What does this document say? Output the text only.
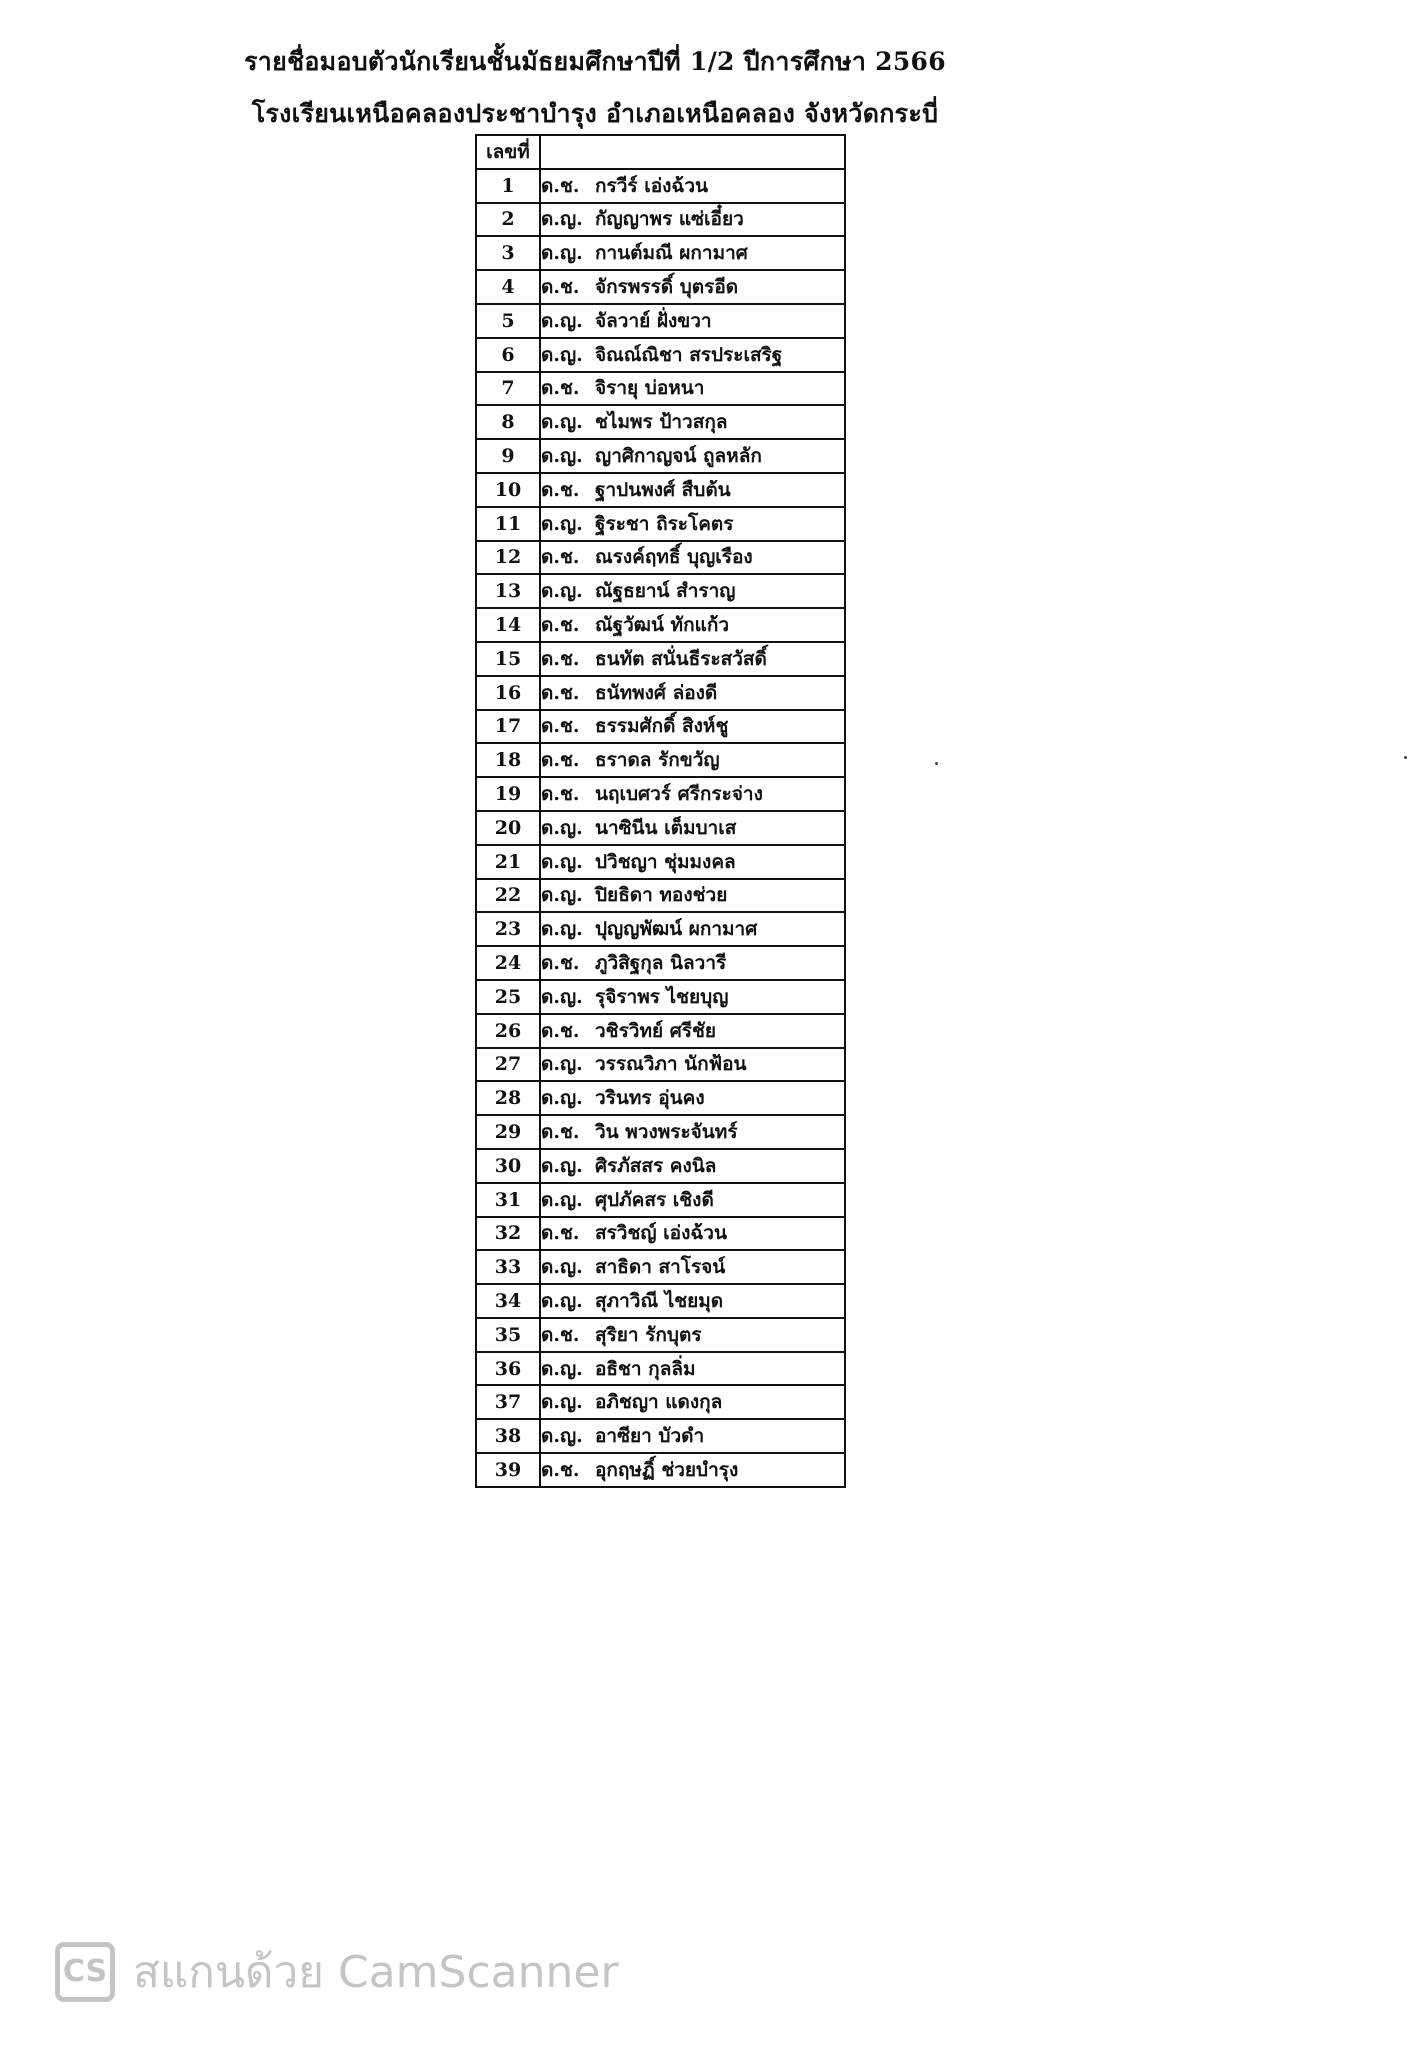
รายชื่อมอบตัวนักเรียนชั้นมัธยมศึกษาปีที่ 1/2 ปีการศึกษา 2566
โรงเรียนเหนือคลองประชาบำรุง อำเภอเหนือคลอง จังหวัดกระบี่
เลขที่	
1	ด.ช. กรวีร์ เอ่งฉ้วน
2	ด.ญ. กัญญาพร แซ่เอี๋ยว
3	ด.ญ. กานต์มณี ผกามาศ
4	ด.ช. จักรพรรดิ์ บุตรอีด
5	ด.ญ. จัลวาย์ ฝั่งขวา
6	ด.ญ. จิณณ์ณิชา สรประเสริฐ
7	ด.ช. จิรายุ บ่อหนา
8	ด.ญ. ชไมพร ป้าวสกุล
9	ด.ญ. ญาศิกาญจน์ ถูลหลัก
10	ด.ช. ฐาปนพงศ์ สืบต้น
11	ด.ญ. ฐิระชา ถิระโคตร
12	ด.ช. ณรงค์ฤทธิ์ บุญเรือง
13	ด.ญ. ณัฐธยาน์ สำราญ
14	ด.ช. ณัฐวัฒน์ ทักแก้ว
15	ด.ช. ธนทัต สนั่นธีระสวัสดิ์
16	ด.ช. ธนัทพงศ์ ล่องดี
17	ด.ช. ธรรมศักดิ์ สิงห์ชู
18	ด.ช. ธราดล รักขวัญ
19	ด.ช. นฤเบศวร์ ศรีกระจ่าง
20	ด.ญ. นาซินีน เต็มบาเส
21	ด.ญ. ปวิชญา ชุ่มมงคล
22	ด.ญ. ปิยธิดา ทองช่วย
23	ด.ญ. ปุญญพัฒน์ ผกามาศ
24	ด.ช. ภูวิสิฐกุล นิลวารี
25	ด.ญ. รุจิราพร ไชยบุญ
26	ด.ช. วชิรวิทย์ ศรีชัย
27	ด.ญ. วรรณวิภา นักฟ้อน
28	ด.ญ. วรินทร อุ่นคง
29	ด.ช. วิน พวงพระจันทร์
30	ด.ญ. ศิรภัสสร คงนิล
31	ด.ญ. ศุปภัคสร เชิงดี
32	ด.ช. สรวิชญ์ เอ่งฉ้วน
33	ด.ญ. สาธิดา สาโรจน์
34	ด.ญ. สุภาวิณี ไชยมุด
35	ด.ช. สุริยา รักบุตร
36	ด.ญ. อธิชา กุลลิ่ม
37	ด.ญ. อภิชญา แดงกุล
38	ด.ญ. อาซียา บัวดำ
39	ด.ช. อุกฤษฏิ์ ช่วยบำรุง
CS สแกนด้วย CamScanner
